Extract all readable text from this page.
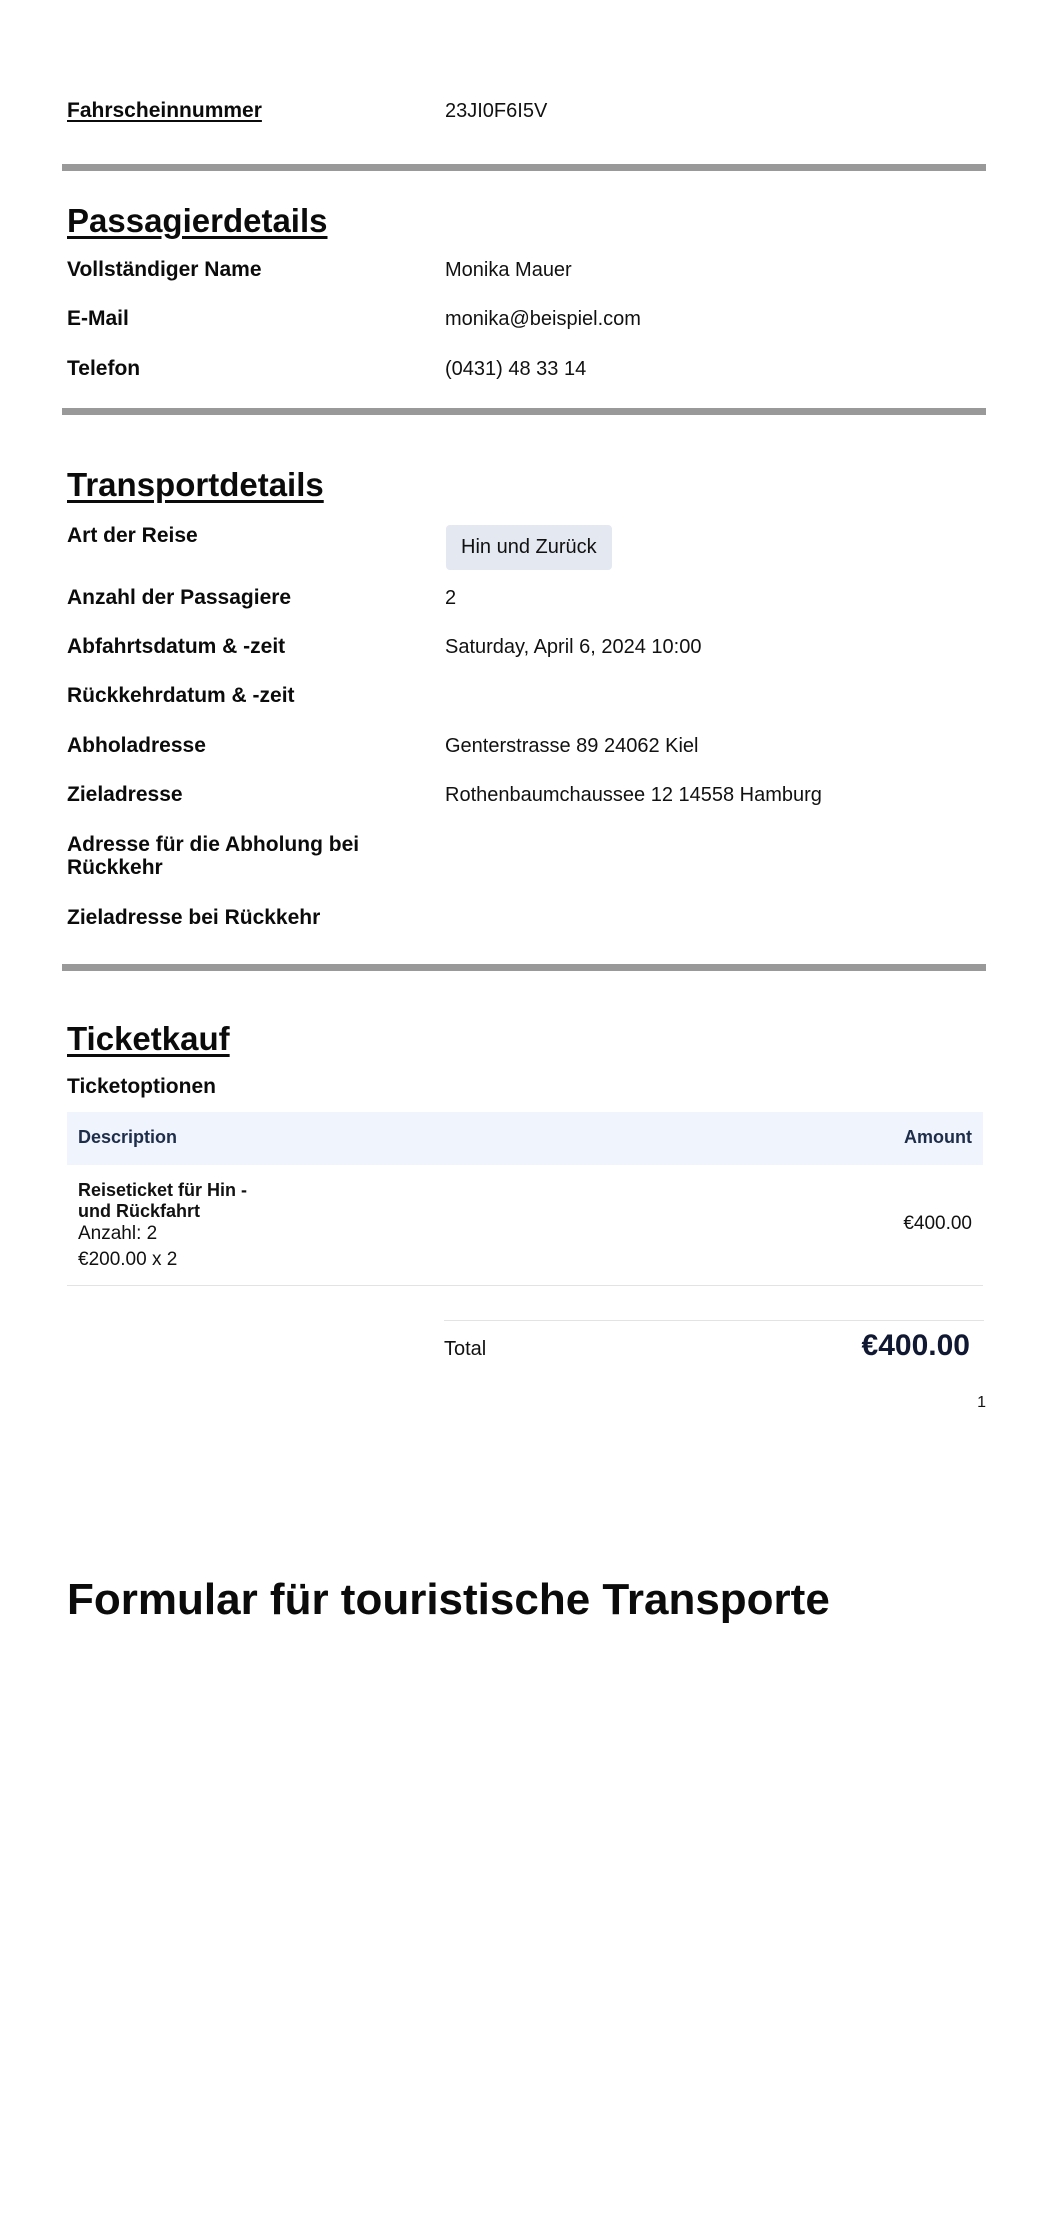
Fahrscheinnummer	23JI0F6I5V
Passagierdetails
Vollständiger Name	Monika Mauer
E-Mail	monika@beispiel.com
Telefon	(0431) 48 33 14
Transportdetails
Art der Reise	Hin und Zurück
Anzahl der Passagiere	2
Abfahrtsdatum & -zeit	Saturday, April 6, 2024 10:00
Rückkehrdatum & -zeit
Abholadresse	Genterstrasse 89 24062 Kiel
Zieladresse	Rothenbaumchaussee 12 14558 Hamburg
Adresse für die Abholung bei
Rückkehr
Zieladresse bei Rückkehr
Ticketkauf
Ticketoptionen
Description	Amount
Reiseticket für Hin -
und Rückfahrt
Anzahl: 2
€200.00 x 2
€400.00
Total	€400.00
1
Formular für touristische Transporte
